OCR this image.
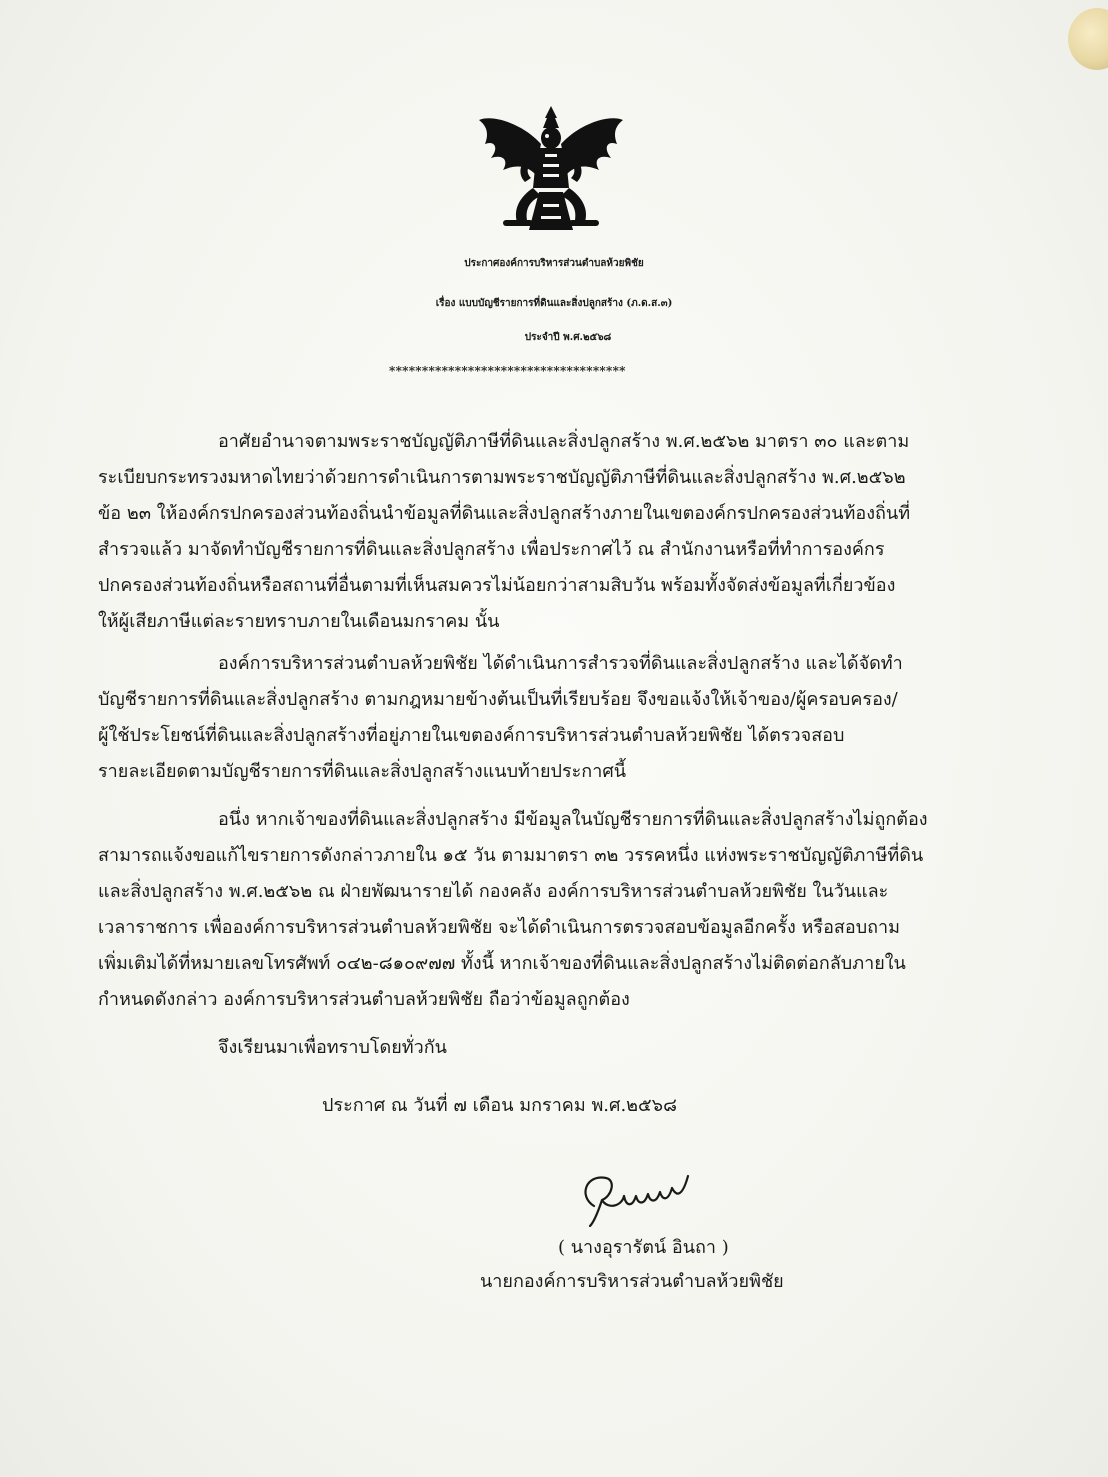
ประกาศองค์การบริหารส่วนตำบลห้วยพิชัย
เรื่อง แบบบัญชีรายการที่ดินและสิ่งปลูกสร้าง (ภ.ด.ส.๓)
ประจำปี พ.ศ.๒๕๖๘
************************************
อาศัยอำนาจตามพระราชบัญญัติภาษีที่ดินและสิ่งปลูกสร้าง พ.ศ.๒๕๖๒ มาตรา ๓๐ และตาม
ระเบียบกระทรวงมหาดไทยว่าด้วยการดำเนินการตามพระราชบัญญัติภาษีที่ดินและสิ่งปลูกสร้าง พ.ศ.๒๕๖๒
ข้อ ๒๓ ให้องค์กรปกครองส่วนท้องถิ่นนำข้อมูลที่ดินและสิ่งปลูกสร้างภายในเขตองค์กรปกครองส่วนท้องถิ่นที่
สำรวจแล้ว มาจัดทำบัญชีรายการที่ดินและสิ่งปลูกสร้าง เพื่อประกาศไว้ ณ สำนักงานหรือที่ทำการองค์กร
ปกครองส่วนท้องถิ่นหรือสถานที่อื่นตามที่เห็นสมควรไม่น้อยกว่าสามสิบวัน พร้อมทั้งจัดส่งข้อมูลที่เกี่ยวข้อง
ให้ผู้เสียภาษีแต่ละรายทราบภายในเดือนมกราคม นั้น
องค์การบริหารส่วนตำบลห้วยพิชัย ได้ดำเนินการสำรวจที่ดินและสิ่งปลูกสร้าง และได้จัดทำ
บัญชีรายการที่ดินและสิ่งปลูกสร้าง ตามกฎหมายข้างต้นเป็นที่เรียบร้อย จึงขอแจ้งให้เจ้าของ/ผู้ครอบครอง/
ผู้ใช้ประโยชน์ที่ดินและสิ่งปลูกสร้างที่อยู่ภายในเขตองค์การบริหารส่วนตำบลห้วยพิชัย ได้ตรวจสอบ
รายละเอียดตามบัญชีรายการที่ดินและสิ่งปลูกสร้างแนบท้ายประกาศนี้
อนึ่ง หากเจ้าของที่ดินและสิ่งปลูกสร้าง มีข้อมูลในบัญชีรายการที่ดินและสิ่งปลูกสร้างไม่ถูกต้อง
สามารถแจ้งขอแก้ไขรายการดังกล่าวภายใน ๑๕ วัน ตามมาตรา ๓๒ วรรคหนึ่ง แห่งพระราชบัญญัติภาษีที่ดิน
และสิ่งปลูกสร้าง พ.ศ.๒๕๖๒ ณ ฝ่ายพัฒนารายได้ กองคลัง องค์การบริหารส่วนตำบลห้วยพิชัย ในวันและ
เวลาราชการ เพื่อองค์การบริหารส่วนตำบลห้วยพิชัย จะได้ดำเนินการตรวจสอบข้อมูลอีกครั้ง หรือสอบถาม
เพิ่มเติมได้ที่หมายเลขโทรศัพท์ ๐๔๒-๘๑๐๙๗๗ ทั้งนี้ หากเจ้าของที่ดินและสิ่งปลูกสร้างไม่ติดต่อกลับภายใน
กำหนดดังกล่าว องค์การบริหารส่วนตำบลห้วยพิชัย ถือว่าข้อมูลถูกต้อง
จึงเรียนมาเพื่อทราบโดยทั่วกัน
ประกาศ ณ วันที่ ๗ เดือน มกราคม พ.ศ.๒๕๖๘
( นางอุรารัตน์ อินถา )
นายกองค์การบริหารส่วนตำบลห้วยพิชัย
